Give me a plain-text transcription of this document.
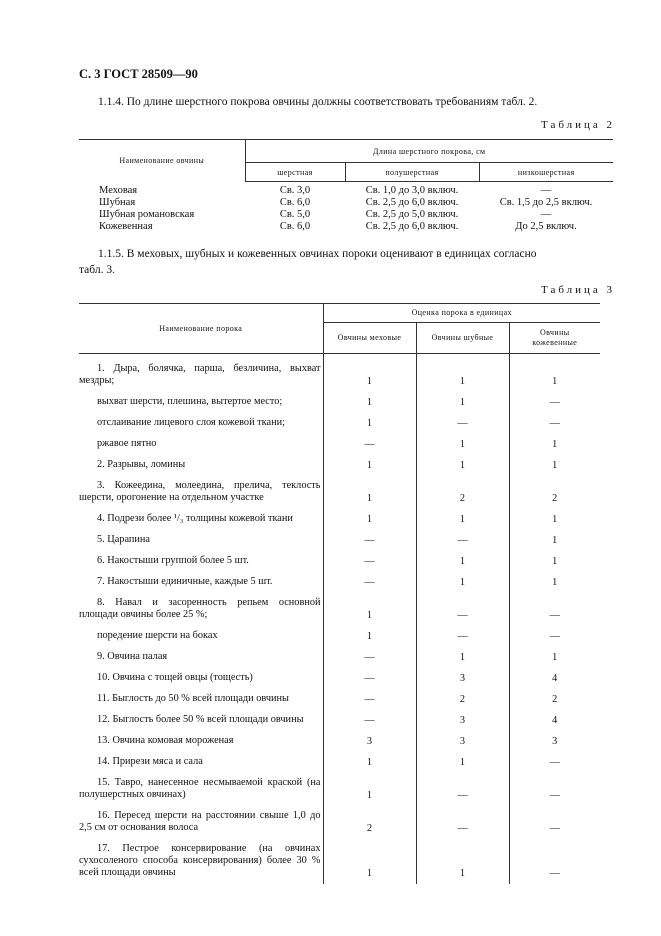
С. 3 ГОСТ 28509—90
1.1.4. По длине шерстного покрова овчины должны соответствовать требованиям табл. 2.
Таблица 2
Наименование овчины	Длина шерстного покрова, см		
	шерстная	полушерстная	низкошерстная
Меховая	Св. 3,0	Св. 1,0 до 3,0 включ.	—
Шубная	Св. 6,0	Св. 2,5 до 6,0 включ.	Св. 1,5 до 2,5 включ.
Шубная романовская	Св. 5,0	Св. 2,5 до 5,0 включ.	—
Кожевенная	Св. 6,0	Св. 2,5 до 6,0 включ.	До 2,5 включ.
1.1.5. В меховых, шубных и кожевенных овчинах пороки оценивают в единицах согласно
табл. 3.
Таблица 3
Наименование порока	Оценка порока в единицах		
	Овчины меховые	Овчины шубные	Овчины кожевенные
1. Дыра, болячка, парша, безличина, выхват мездры;	1	1	1
выхват шерсти, плешина, вытертое место;	1	1	—
отслаивание лицевого слоя кожевой ткани;	1	—	—
ржавое пятно	—	1	1
2. Разрывы, ломины	1	1	1
3. Кожеедина, молеедина, прелича, теклость шерсти, орогонение на отдельном участке	1	2	2
4. Подрези более ¹/₃ толщины кожевой ткани	1	1	1
5. Царапина	—	—	1
6. Накостыши группой более 5 шт.	—	1	1
7. Накостыши единичные, каждые 5 шт.	—	1	1
8. Навал и засоренность репьем основной площади овчины более 25 %;	1	—	—
поредение шерсти на боках	1	—	—
9. Овчина палая	—	1	1
10. Овчина с тощей овцы (тощесть)	—	3	4
11. Быглость до 50 % всей площади овчины	—	2	2
12. Быглость более 50 % всей площади овчины	—	3	4
13. Овчина комовая мороженая	3	3	3
14. Прирези мяса и сала	1	1	—
15. Тавро, нанесенное несмываемой краской (на полушерстных овчинах)	1	—	—
16. Пересед шерсти на расстоянии свыше 1,0 до 2,5 см от основания волоса	2	—	—
17. Пестрое консервирование (на овчинах сухосоленого способа консервирования) более 30 % всей площади овчины	1	1	—
